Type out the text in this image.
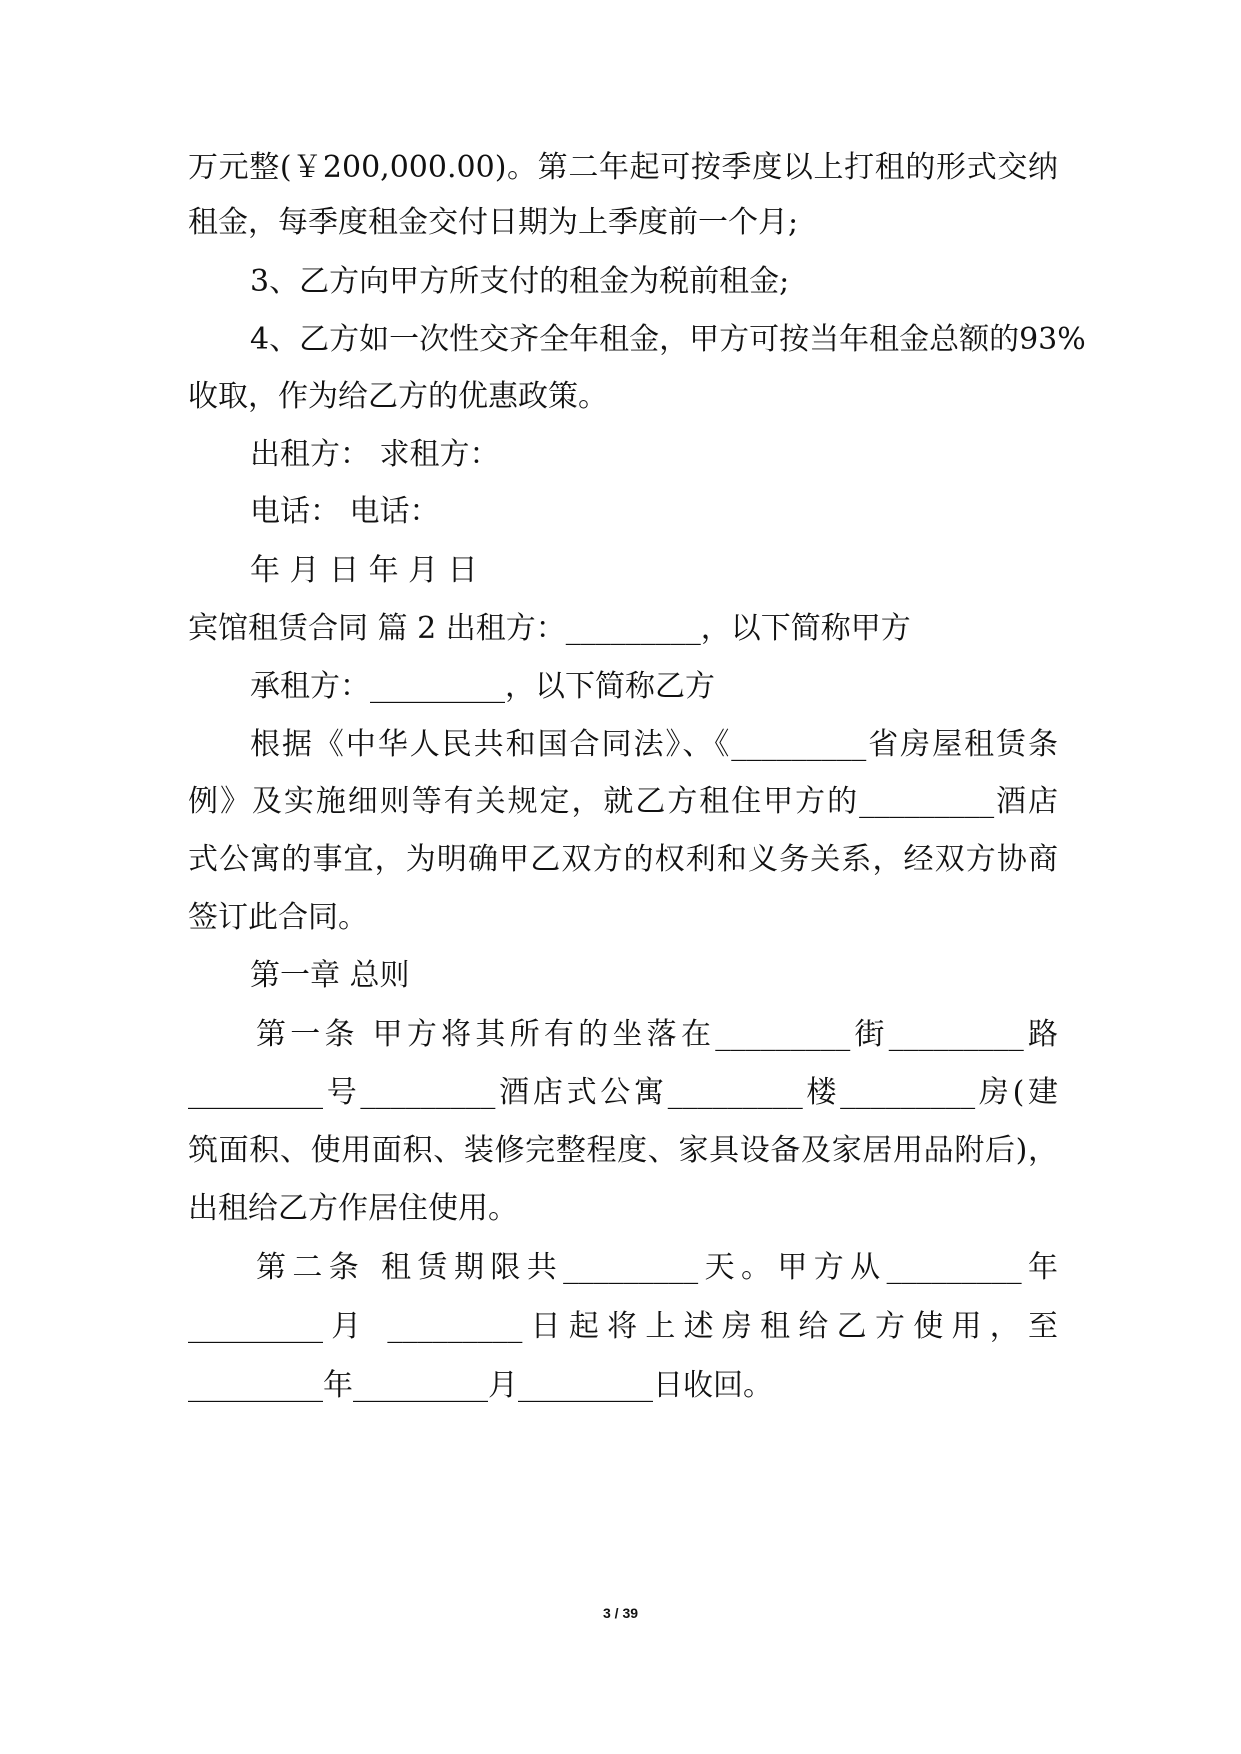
万元整(￥200,000.00)。第二年起可按季度以上打租的形式交纳
租金，每季度租金交付日期为上季度前一个月;
3、乙方向甲方所支付的租金为税前租金;
4、乙方如一次性交齐全年租金，甲方可按当年租金总额的93%
收取，作为给乙方的优惠政策。
出租方： 求租方：
电话： 电话：
年 月 日 年 月 日
宾馆租赁合同 篇 2 出租方：_________，以下简称甲方
承租方：_________，以下简称乙方
根据《中华人民共和国合同法》、《_________省房屋租赁条
例》及实施细则等有关规定，就乙方租住甲方的_________酒店
式公寓的事宜，为明确甲乙双方的权利和义务关系，经双方协商
签订此合同。
第一章 总则
第一条 甲方将其所有的坐落在_________街_________路
_________号_________酒店式公寓_________楼_________房(建
筑面积、使用面积、装修完整程度、家具设备及家居用品附后)，
出租给乙方作居住使用。
第二条 租赁期限共_________天。甲方从_________年
_________月 _________日起将上述房租给乙方使用，至
_________年_________月_________日收回。
3 / 39
